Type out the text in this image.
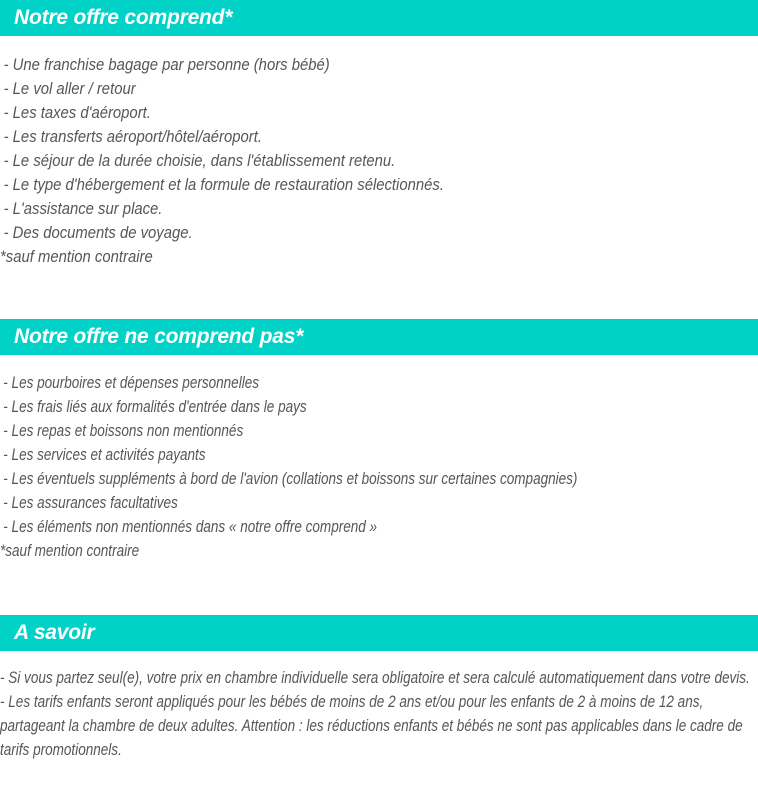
Notre offre comprend*
- Une franchise bagage par personne (hors bébé)
- Le vol aller / retour
- Les taxes d'aéroport.
- Les transferts aéroport/hôtel/aéroport.
- Le séjour de la durée choisie, dans l'établissement retenu.
- Le type d'hébergement et la formule de restauration sélectionnés.
- L'assistance sur place.
- Des documents de voyage.
*sauf mention contraire
Notre offre ne comprend pas*
- Les pourboires et dépenses personnelles
- Les frais liés aux formalités d'entrée dans le pays
- Les repas et boissons non mentionnés
- Les services et activités payants
- Les éventuels suppléments à bord de l'avion (collations et boissons sur certaines compagnies)
- Les assurances facultatives
- Les éléments non mentionnés dans « notre offre comprend »
*sauf mention contraire
A savoir
- Si vous partez seul(e), votre prix en chambre individuelle sera obligatoire et sera calculé automatiquement dans votre devis.
- Les tarifs enfants seront appliqués pour les bébés de moins de 2 ans et/ou pour les enfants de 2 à moins de 12 ans, partageant la chambre de deux adultes. Attention : les réductions enfants et bébés ne sont pas applicables dans le cadre de tarifs promotionnels.
